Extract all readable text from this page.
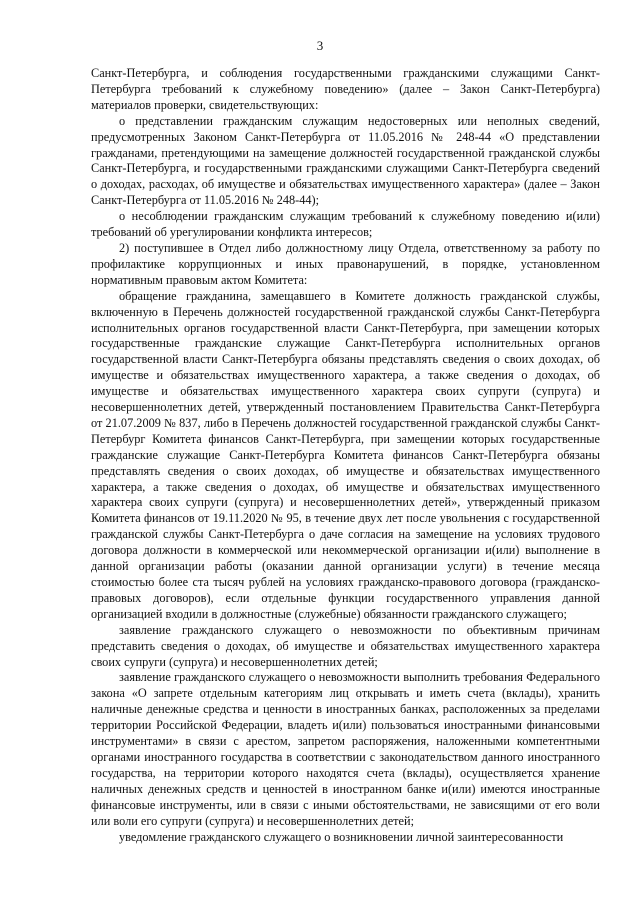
3

Санкт-Петербурга, и соблюдения государственными гражданскими служащими Санкт-Петербурга требований к служебному поведению» (далее – Закон Санкт-Петербурга) материалов проверки, свидетельствующих:

о представлении гражданским служащим недостоверных или неполных сведений, предусмотренных Законом Санкт-Петербурга от 11.05.2016 № 248-44 «О представлении гражданами, претендующими на замещение должностей государственной гражданской службы Санкт-Петербурга, и государственными гражданскими служащими Санкт-Петербурга сведений о доходах, расходах, об имуществе и обязательствах имущественного характера» (далее – Закон Санкт-Петербурга от 11.05.2016 № 248-44);

о несоблюдении гражданским служащим требований к служебному поведению и(или) требований об урегулировании конфликта интересов;

2) поступившее в Отдел либо должностному лицу Отдела, ответственному за работу по профилактике коррупционных и иных правонарушений, в порядке, установленном нормативным правовым актом Комитета:

обращение гражданина, замещавшего в Комитете должность гражданской службы, включенную в Перечень должностей государственной гражданской службы Санкт-Петербурга исполнительных органов государственной власти Санкт-Петербурга, при замещении которых государственные гражданские служащие Санкт-Петербурга исполнительных органов государственной власти Санкт-Петербурга обязаны представлять сведения о своих доходах, об имуществе и обязательствах имущественного характера, а также сведения о доходах, об имуществе и обязательствах имущественного характера своих супруги (супруга) и несовершеннолетних детей, утвержденный постановлением Правительства Санкт-Петербурга от 21.07.2009 № 837, либо в Перечень должностей государственной гражданской службы Санкт-Петербург Комитета финансов Санкт-Петербурга, при замещении которых государственные гражданские служащие Санкт-Петербурга Комитета финансов Санкт-Петербурга обязаны представлять сведения о своих доходах, об имуществе и обязательствах имущественного характера, а также сведения о доходах, об имуществе и обязательствах имущественного характера своих супруги (супруга) и несовершеннолетних детей», утвержденный приказом Комитета финансов от 19.11.2020 № 95, в течение двух лет после увольнения с государственной гражданской службы Санкт-Петербурга о даче согласия на замещение на условиях трудового договора должности в коммерческой или некоммерческой организации и(или) выполнение в данной организации работы (оказании данной организации услуги) в течение месяца стоимостью более ста тысяч рублей на условиях гражданско-правового договора (гражданско-правовых договоров), если отдельные функции государственного управления данной организацией входили в должностные (служебные) обязанности гражданского служащего;

заявление гражданского служащего о невозможности по объективным причинам представить сведения о доходах, об имуществе и обязательствах имущественного характера своих супруги (супруга) и несовершеннолетних детей;

заявление гражданского служащего о невозможности выполнить требования Федерального закона «О запрете отдельным категориям лиц открывать и иметь счета (вклады), хранить наличные денежные средства и ценности в иностранных банках, расположенных за пределами территории Российской Федерации, владеть и(или) пользоваться иностранными финансовыми инструментами» в связи с арестом, запретом распоряжения, наложенными компетентными органами иностранного государства в соответствии с законодательством данного иностранного государства, на территории которого находятся счета (вклады), осуществляется хранение наличных денежных средств и ценностей в иностранном банке и(или) имеются иностранные финансовые инструменты, или в связи с иными обстоятельствами, не зависящими от его воли или воли его супруги (супруга) и несовершеннолетних детей;

уведомление гражданского служащего о возникновении личной заинтересованности
